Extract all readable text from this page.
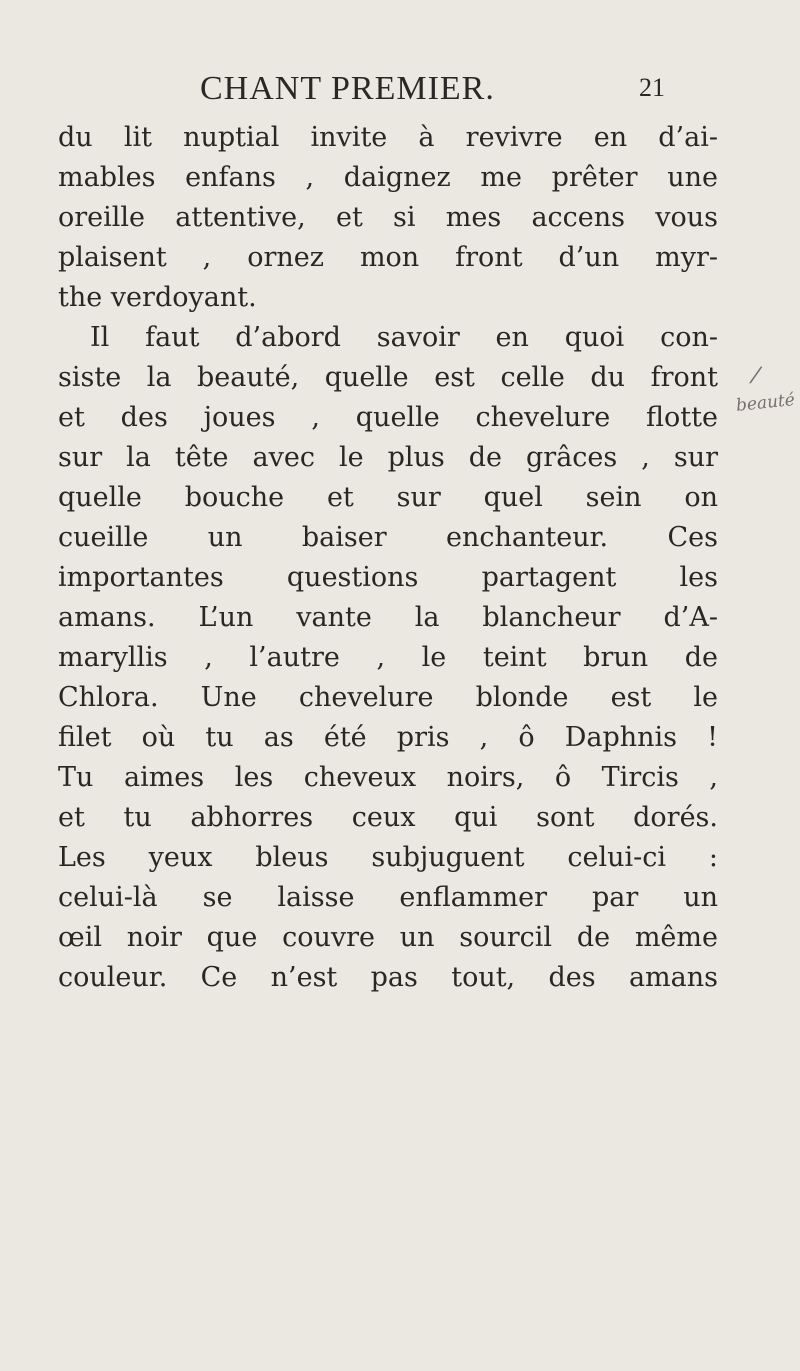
CHANT PREMIER.	21
du lit nuptial invite à revivre en d’ai-
mables enfans , daignez me prêter une
oreille attentive, et si mes accens vous
plaisent , ornez mon front d’un myr-
the verdoyant.
Il faut d’abord savoir en quoi con-
siste la beauté, quelle est celle du front
et des joues , quelle chevelure flotte
sur la tête avec le plus de grâces , sur
quelle bouche et sur quel sein on
cueille un baiser enchanteur. Ces
importantes questions partagent les
amans. L’un vante la blancheur d’A-
maryllis , l’autre , le teint brun de
Chlora. Une chevelure blonde est le
filet où tu as été pris , ô Daphnis !
Tu aimes les cheveux noirs, ô Tircis ,
et tu abhorres ceux qui sont dorés.
Les yeux bleus subjuguent celui-ci :
celui-là se laisse enflammer par un
œil noir que couvre un sourcil de même
couleur. Ce n’est pas tout, des amans
/
beauté
